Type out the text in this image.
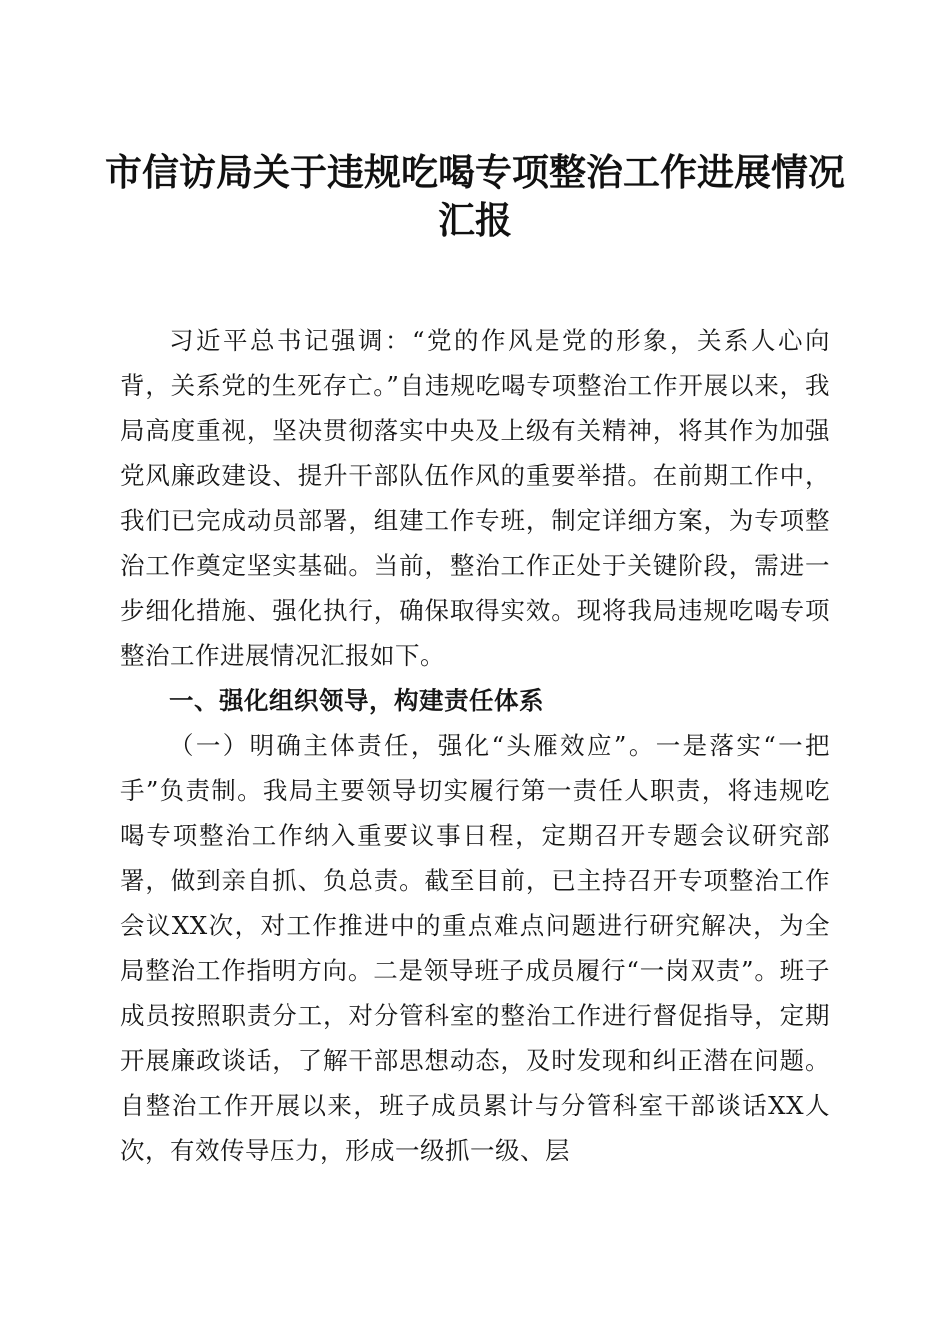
市信访局关于违规吃喝专项整治工作进展情况汇报

习近平总书记强调：“党的作风是党的形象，关系人心向背，关系党的生死存亡。”自违规吃喝专项整治工作开展以来，我局高度重视，坚决贯彻落实中央及上级有关精神，将其作为加强党风廉政建设、提升干部队伍作风的重要举措。在前期工作中，我们已完成动员部署，组建工作专班，制定详细方案，为专项整治工作奠定坚实基础。当前，整治工作正处于关键阶段，需进一步细化措施、强化执行，确保取得实效。现将我局违规吃喝专项整治工作进展情况汇报如下。

一、强化组织领导，构建责任体系

（一）明确主体责任，强化“头雁效应”。一是落实“一把手”负责制。我局主要领导切实履行第一责任人职责，将违规吃喝专项整治工作纳入重要议事日程，定期召开专题会议研究部署，做到亲自抓、负总责。截至目前，已主持召开专项整治工作会议XX次，对工作推进中的重点难点问题进行研究解决，为全局整治工作指明方向。二是领导班子成员履行“一岗双责”。班子成员按照职责分工，对分管科室的整治工作进行督促指导，定期开展廉政谈话，了解干部思想动态，及时发现和纠正潜在问题。自整治工作开展以来，班子成员累计与分管科室干部谈话XX人次，有效传导压力，形成一级抓一级、层
